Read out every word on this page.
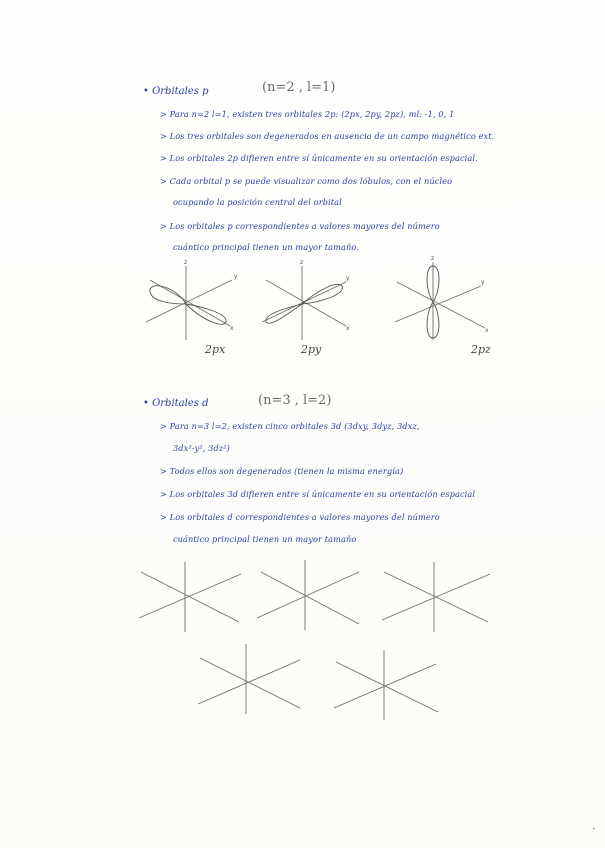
• Orbitales p	(n=2 , l=1)
> Para n=2 l=1, existen tres orbitales 2p: (2px, 2py, 2pz), ml: -1, 0, 1
> Los tres orbitales son degenerados en ausencia de un campo magnético ext.
> Los orbitales 2p difieren entre sí únicamente en su orientación espacial.
> Cada orbital p se puede visualizar como dos lóbulos, con el núcleo
ocupando la posición central del orbital
> Los orbitales p correspondientes a valores mayores del número
cuántico principal tienen un mayor tamaño.
z
y
x
2px
z
y
x
2py
z
y
x
2pz
• Orbitales d	(n=3 , l=2)
> Para n=3 l=2, existen cinco orbitales 3d (3dxy, 3dyz, 3dxz,
3dx²-y², 3dz²)
> Todos ellos son degenerados (tienen la misma energía)
> Los orbitales 3d difieren entre sí únicamente en su orientación espacial
> Los orbitales d correspondientes a valores mayores del número
cuántico principal tienen un mayor tamaño
•
